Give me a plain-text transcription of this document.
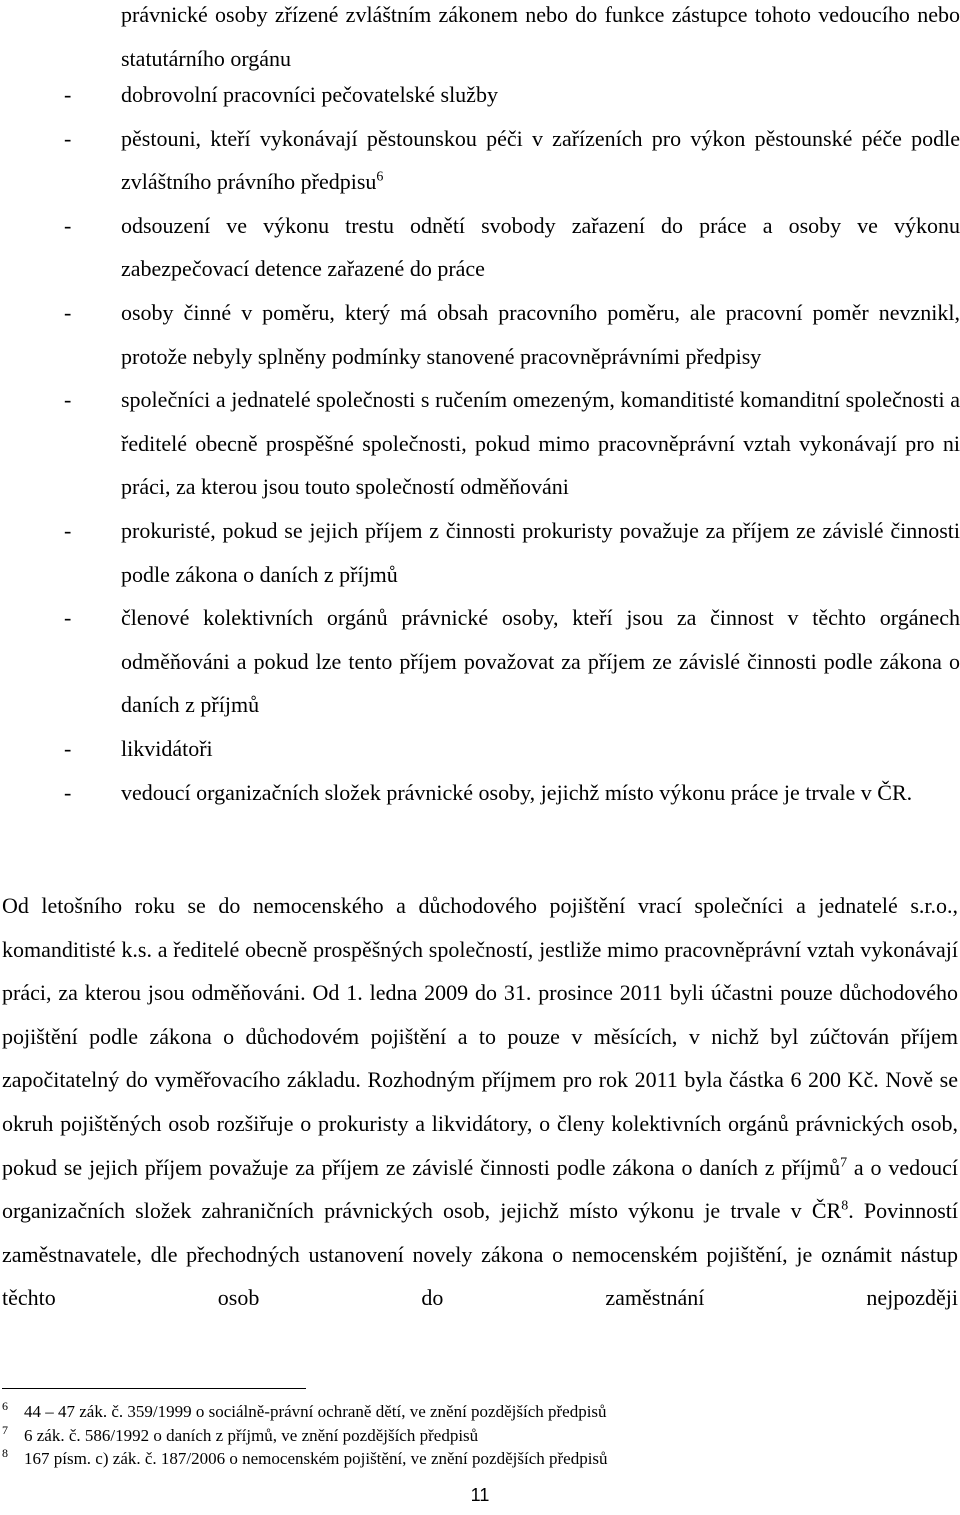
právnické osoby zřízené zvláštním zákonem nebo do funkce zástupce tohoto vedoucího nebo statutárního orgánu

- dobrovolní pracovníci pečovatelské služby
- pěstouni, kteří vykonávají pěstounskou péči v zařízeních pro výkon pěstounské péče podle zvláštního právního předpisu$^6$
- odsouzení ve výkonu trestu odnětí svobody zařazení do práce a osoby ve výkonu zabezpečovací detence zařazené do práce
- osoby činné v poměru, který má obsah pracovního poměru, ale pracovní poměr nevznikl, protože nebyly splněny podmínky stanovené pracovněprávními předpisy
- společníci a jednatelé společnosti s ručením omezeným, komanditisté komanditní společnosti a ředitelé obecně prospěšné společnosti, pokud mimo pracovněprávní vztah vykonávají pro ni práci, za kterou jsou touto společností odměňováni
- prokuristé, pokud se jejich příjem z činnosti prokuristy považuje za příjem ze závislé činnosti podle zákona o daních z příjmů
- členové kolektivních orgánů právnické osoby, kteří jsou za činnost v těchto orgánech odměňováni a pokud lze tento příjem považovat za příjem ze závislé činnosti podle zákona o daních z příjmů
- likvidátoři
- vedoucí organizačních složek právnické osoby, jejichž místo výkonu práce je trvale v ČR.

Od letošního roku se do nemocenského a důchodového pojištění vrací společníci a jednatelé s.r.o., komanditisté k.s. a ředitelé obecně prospěšných společností, jestliže mimo pracovněprávní vztah vykonávají práci, za kterou jsou odměňováni. Od 1. ledna 2009 do 31. prosince 2011 byli účastni pouze důchodového pojištění podle zákona o důchodovém pojištění a to pouze v měsících, v nichž byl zúčtován příjem započitatelný do vyměřovacího základu. Rozhodným příjmem pro rok 2011 byla částka 6 200 Kč. Nově se okruh pojištěných osob rozšiřuje o prokuristy a likvidátory, o členy kolektivních orgánů právnických osob, pokud se jejich příjem považuje za příjem ze závislé činnosti podle zákona o daních z příjmů$^7$ a o vedoucí organizačních složek zahraničních právnických osob, jejichž místo výkonu je trvale v $ČR^8$. Povinností zaměstnavatele, dle přechodných ustanovení novely zákona o nemocenském pojištění, je oznámit nástup těchto osob do zaměstnání nejpozději

6 44 – 47 zák. č. 359/1999 o sociálně-právní ochraně dětí, ve znění pozdějších předpisů
7 6 zák. č. 586/1992 o daních z příjmů, ve znění pozdějších předpisů
8 167 písm. c) zák. č. 187/2006 o nemocenském pojištění, ve znění pozdějších předpisů
11
